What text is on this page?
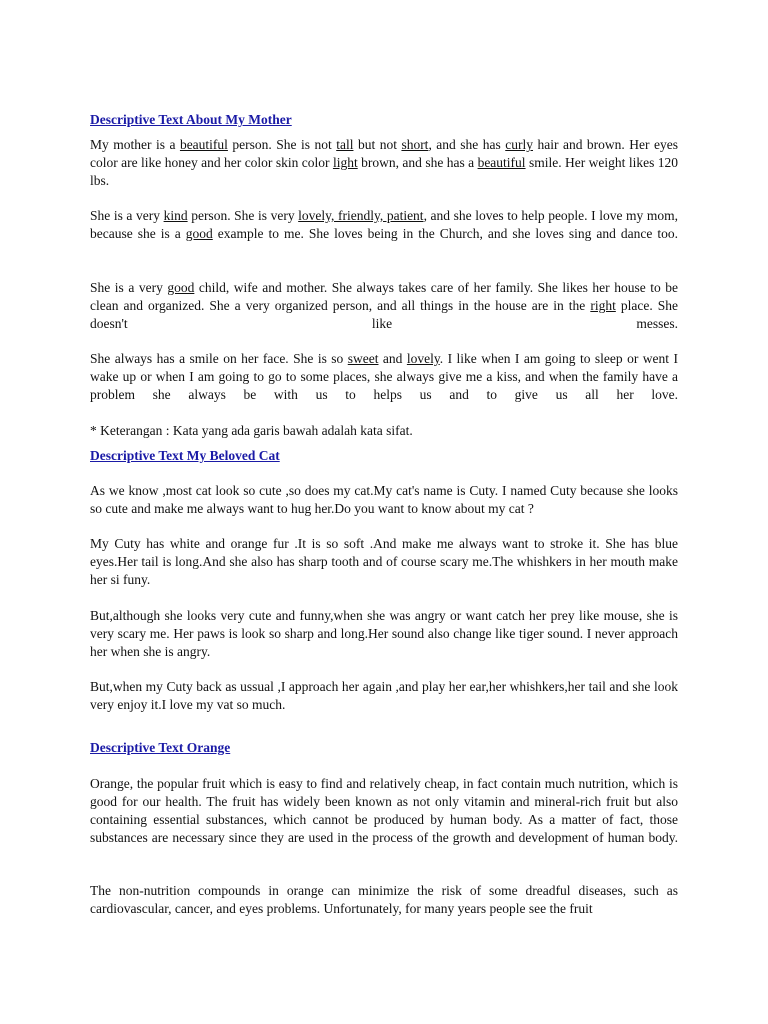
Descriptive Text About My Mother

My mother is a beautiful person. She is not tall but not short, and she has curly hair and brown. Her eyes color are like honey and her color skin color light brown, and she has a beautiful smile. Her weight likes 120 lbs.

She is a very kind person. She is very lovely, friendly, patient, and she loves to help people. I love my mom, because she is a good example to me. She loves being in the Church, and she loves sing and dance too.

She is a very good child, wife and mother. She always takes care of her family. She likes her house to be clean and organized. She a very organized person, and all things in the house are in the right place. She doesn't like messes.

She always has a smile on her face. She is so sweet and lovely. I like when I am going to sleep or went I wake up or when I am going to go to some places, she always give me a kiss, and when the family have a problem she always be with us to helps us and to give us all her love.

* Keterangan : Kata yang ada garis bawah adalah kata sifat.

Descriptive Text My Beloved Cat

As we know ,most cat look so cute ,so does my cat.My cat's name is Cuty. I named Cuty because she looks so cute and make me always want to hug her.Do you want to know about my cat ?

My Cuty has white and orange fur .It is so soft .And make me always want to stroke it. She has blue eyes.Her tail is long.And she also has sharp tooth and of course scary me.The whishkers in her mouth make her si funy.

But,although she looks very cute and funny,when she was angry or want catch her prey like mouse, she is very scary me. Her paws is look so sharp and long.Her sound also change like tiger sound. I never approach her when she is angry.

But,when my Cuty back as ussual ,I approach her again ,and play her ear,her whishkers,her tail and she look very enjoy it.I love my vat so much.

Descriptive Text Orange

Orange, the popular fruit which is easy to find and relatively cheap, in fact contain much nutrition, which is good for our health. The fruit has widely been known as not only vitamin and mineral-rich fruit but also containing essential substances, which cannot be produced by human body. As a matter of fact, those substances are necessary since they are used in the process of the growth and development of human body.

The non-nutrition compounds in orange can minimize the risk of some dreadful diseases, such as cardiovascular, cancer, and eyes problems. Unfortunately, for many years people see the fruit
